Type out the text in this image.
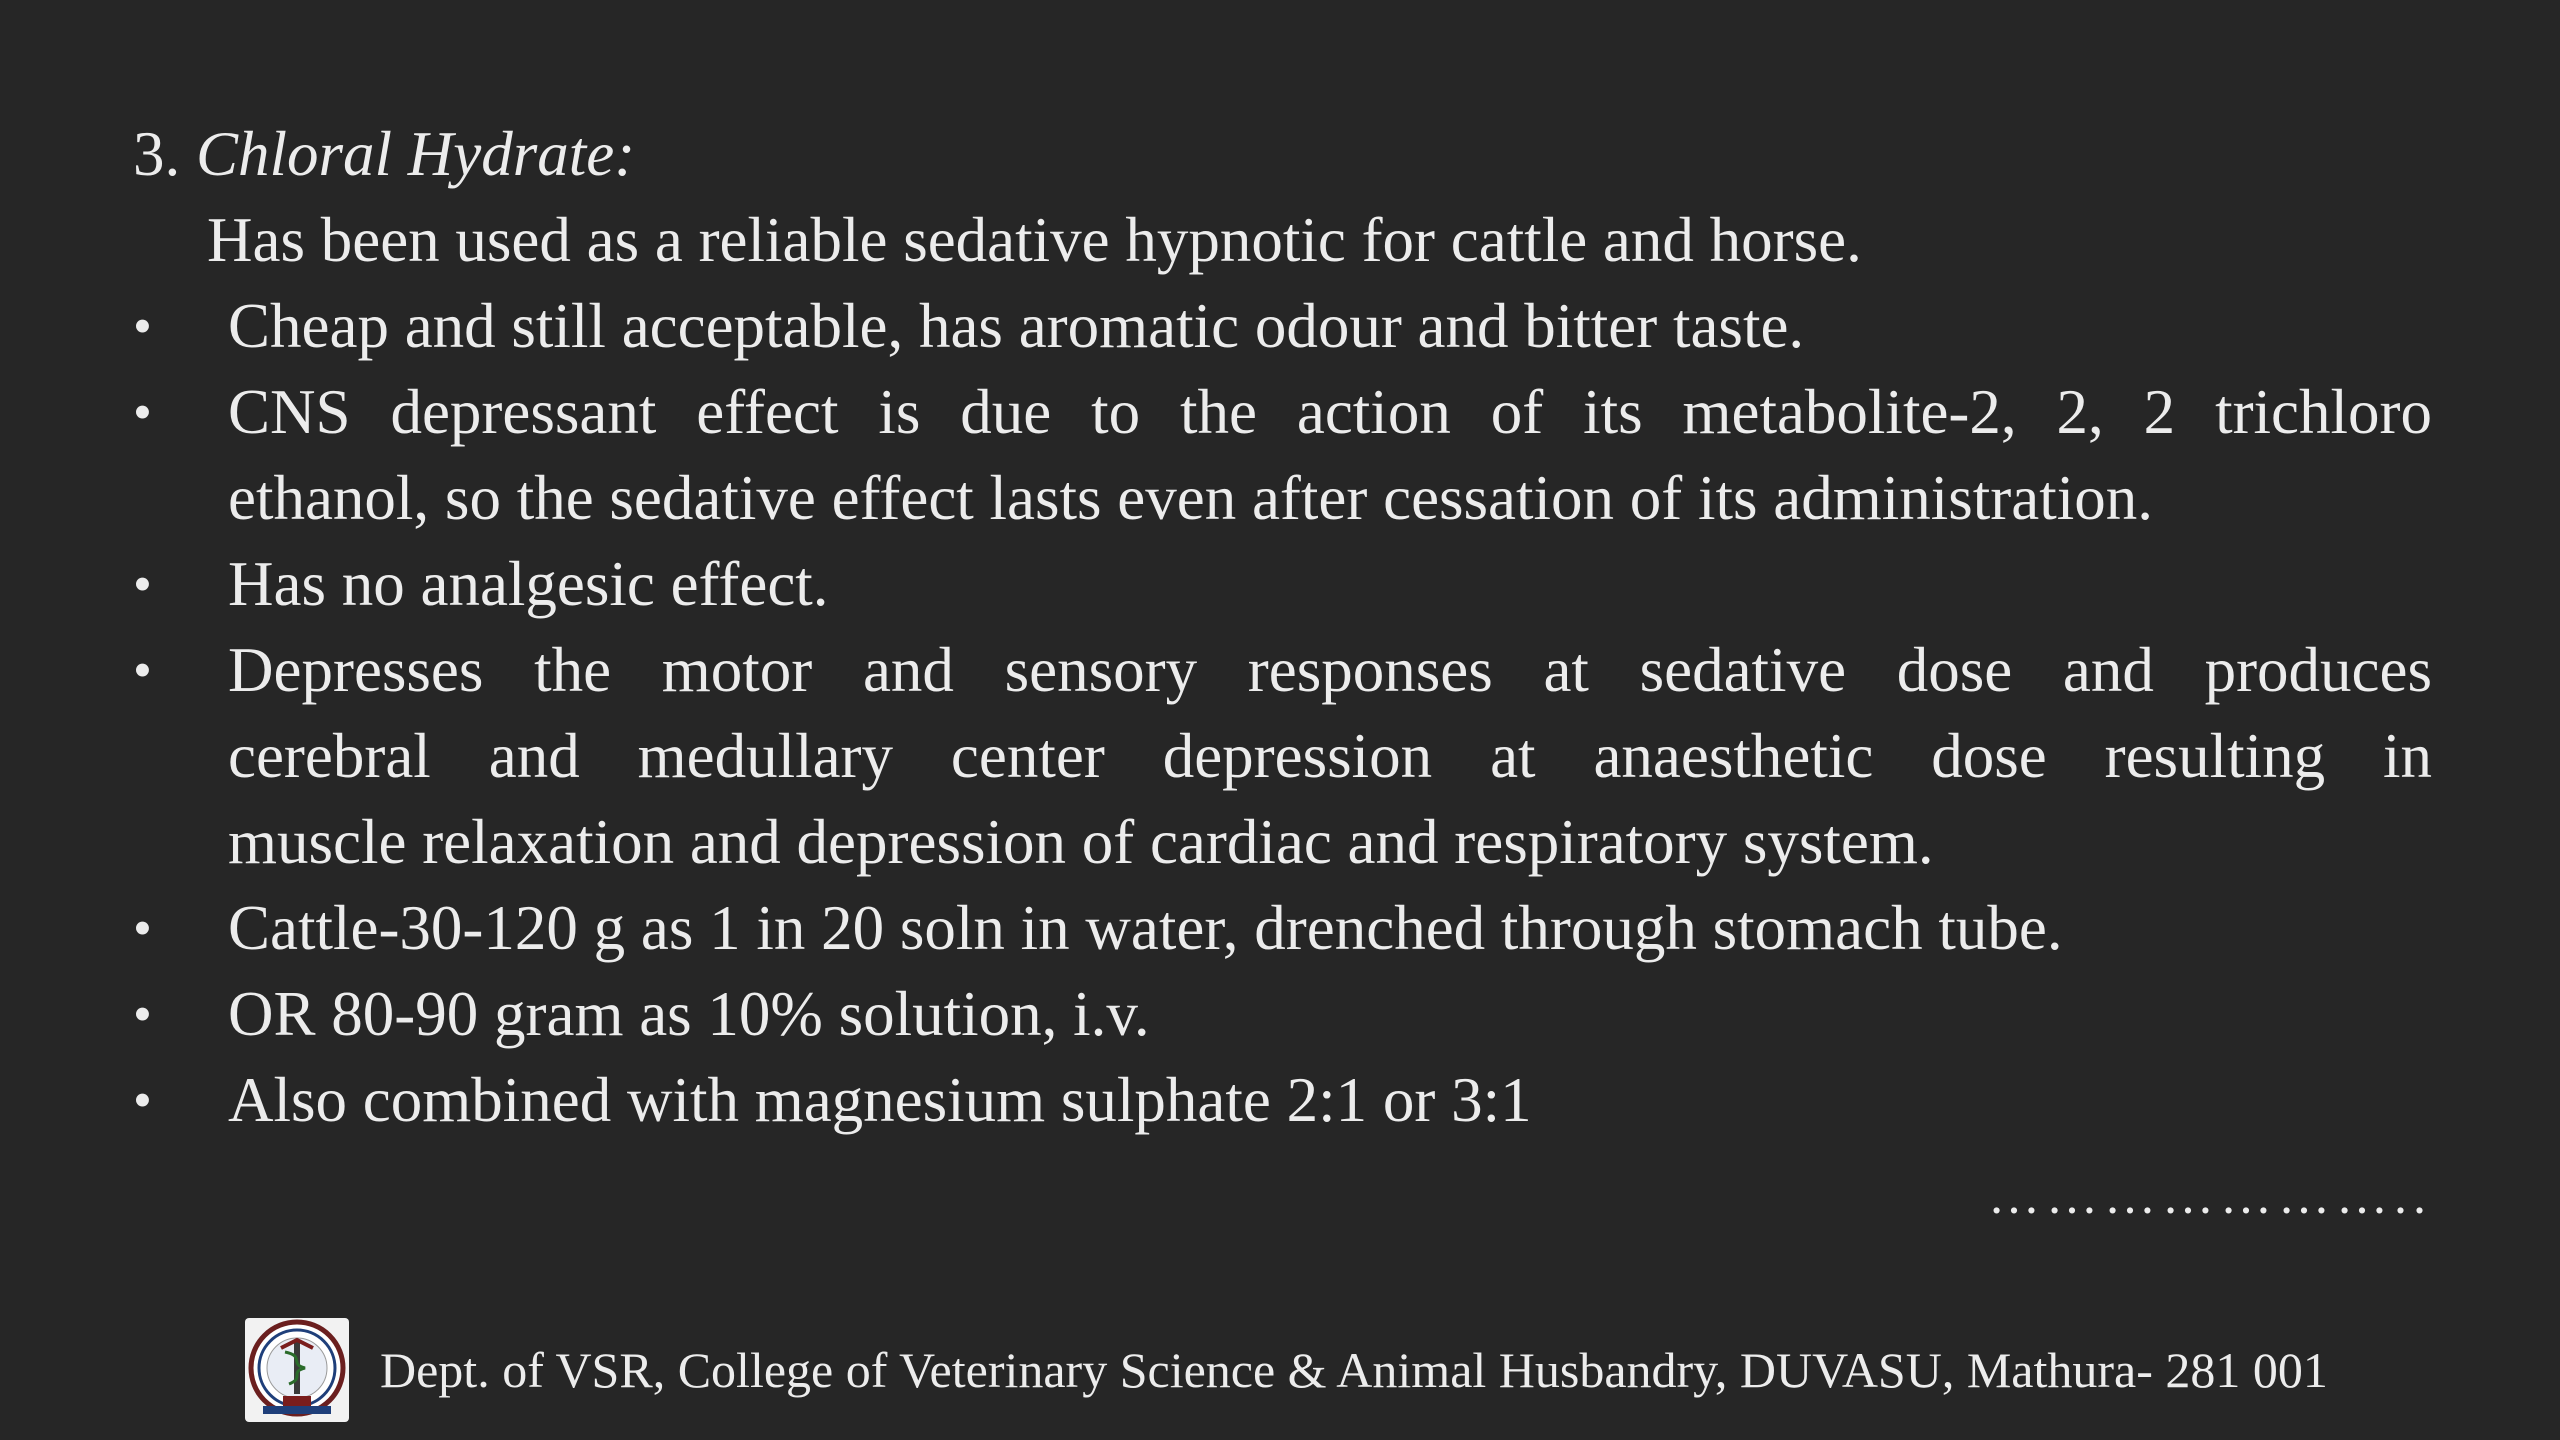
3. Chloral Hydrate:
Has been used as a reliable sedative hypnotic for cattle and horse.
• Cheap and still acceptable, has aromatic odour and bitter taste.
• CNS depressant effect is due to the action of its metabolite-2, 2, 2 trichloro
ethanol, so the sedative effect lasts even after cessation of its administration.
• Has no analgesic effect.
• Depresses the motor and sensory responses at sedative dose and produces
cerebral and medullary center depression at anaesthetic dose resulting in
muscle relaxation and depression of cardiac and respiratory system.
• Cattle-30-120 g as 1 in 20 soln in water, drenched through stomach tube.
• OR 80-90 gram as 10% solution, i.v.
• Also combined with magnesium sulphate 2:1 or 3:1
…………………..
Dept. of VSR, College of Veterinary Science & Animal Husbandry, DUVASU, Mathura- 281 001
